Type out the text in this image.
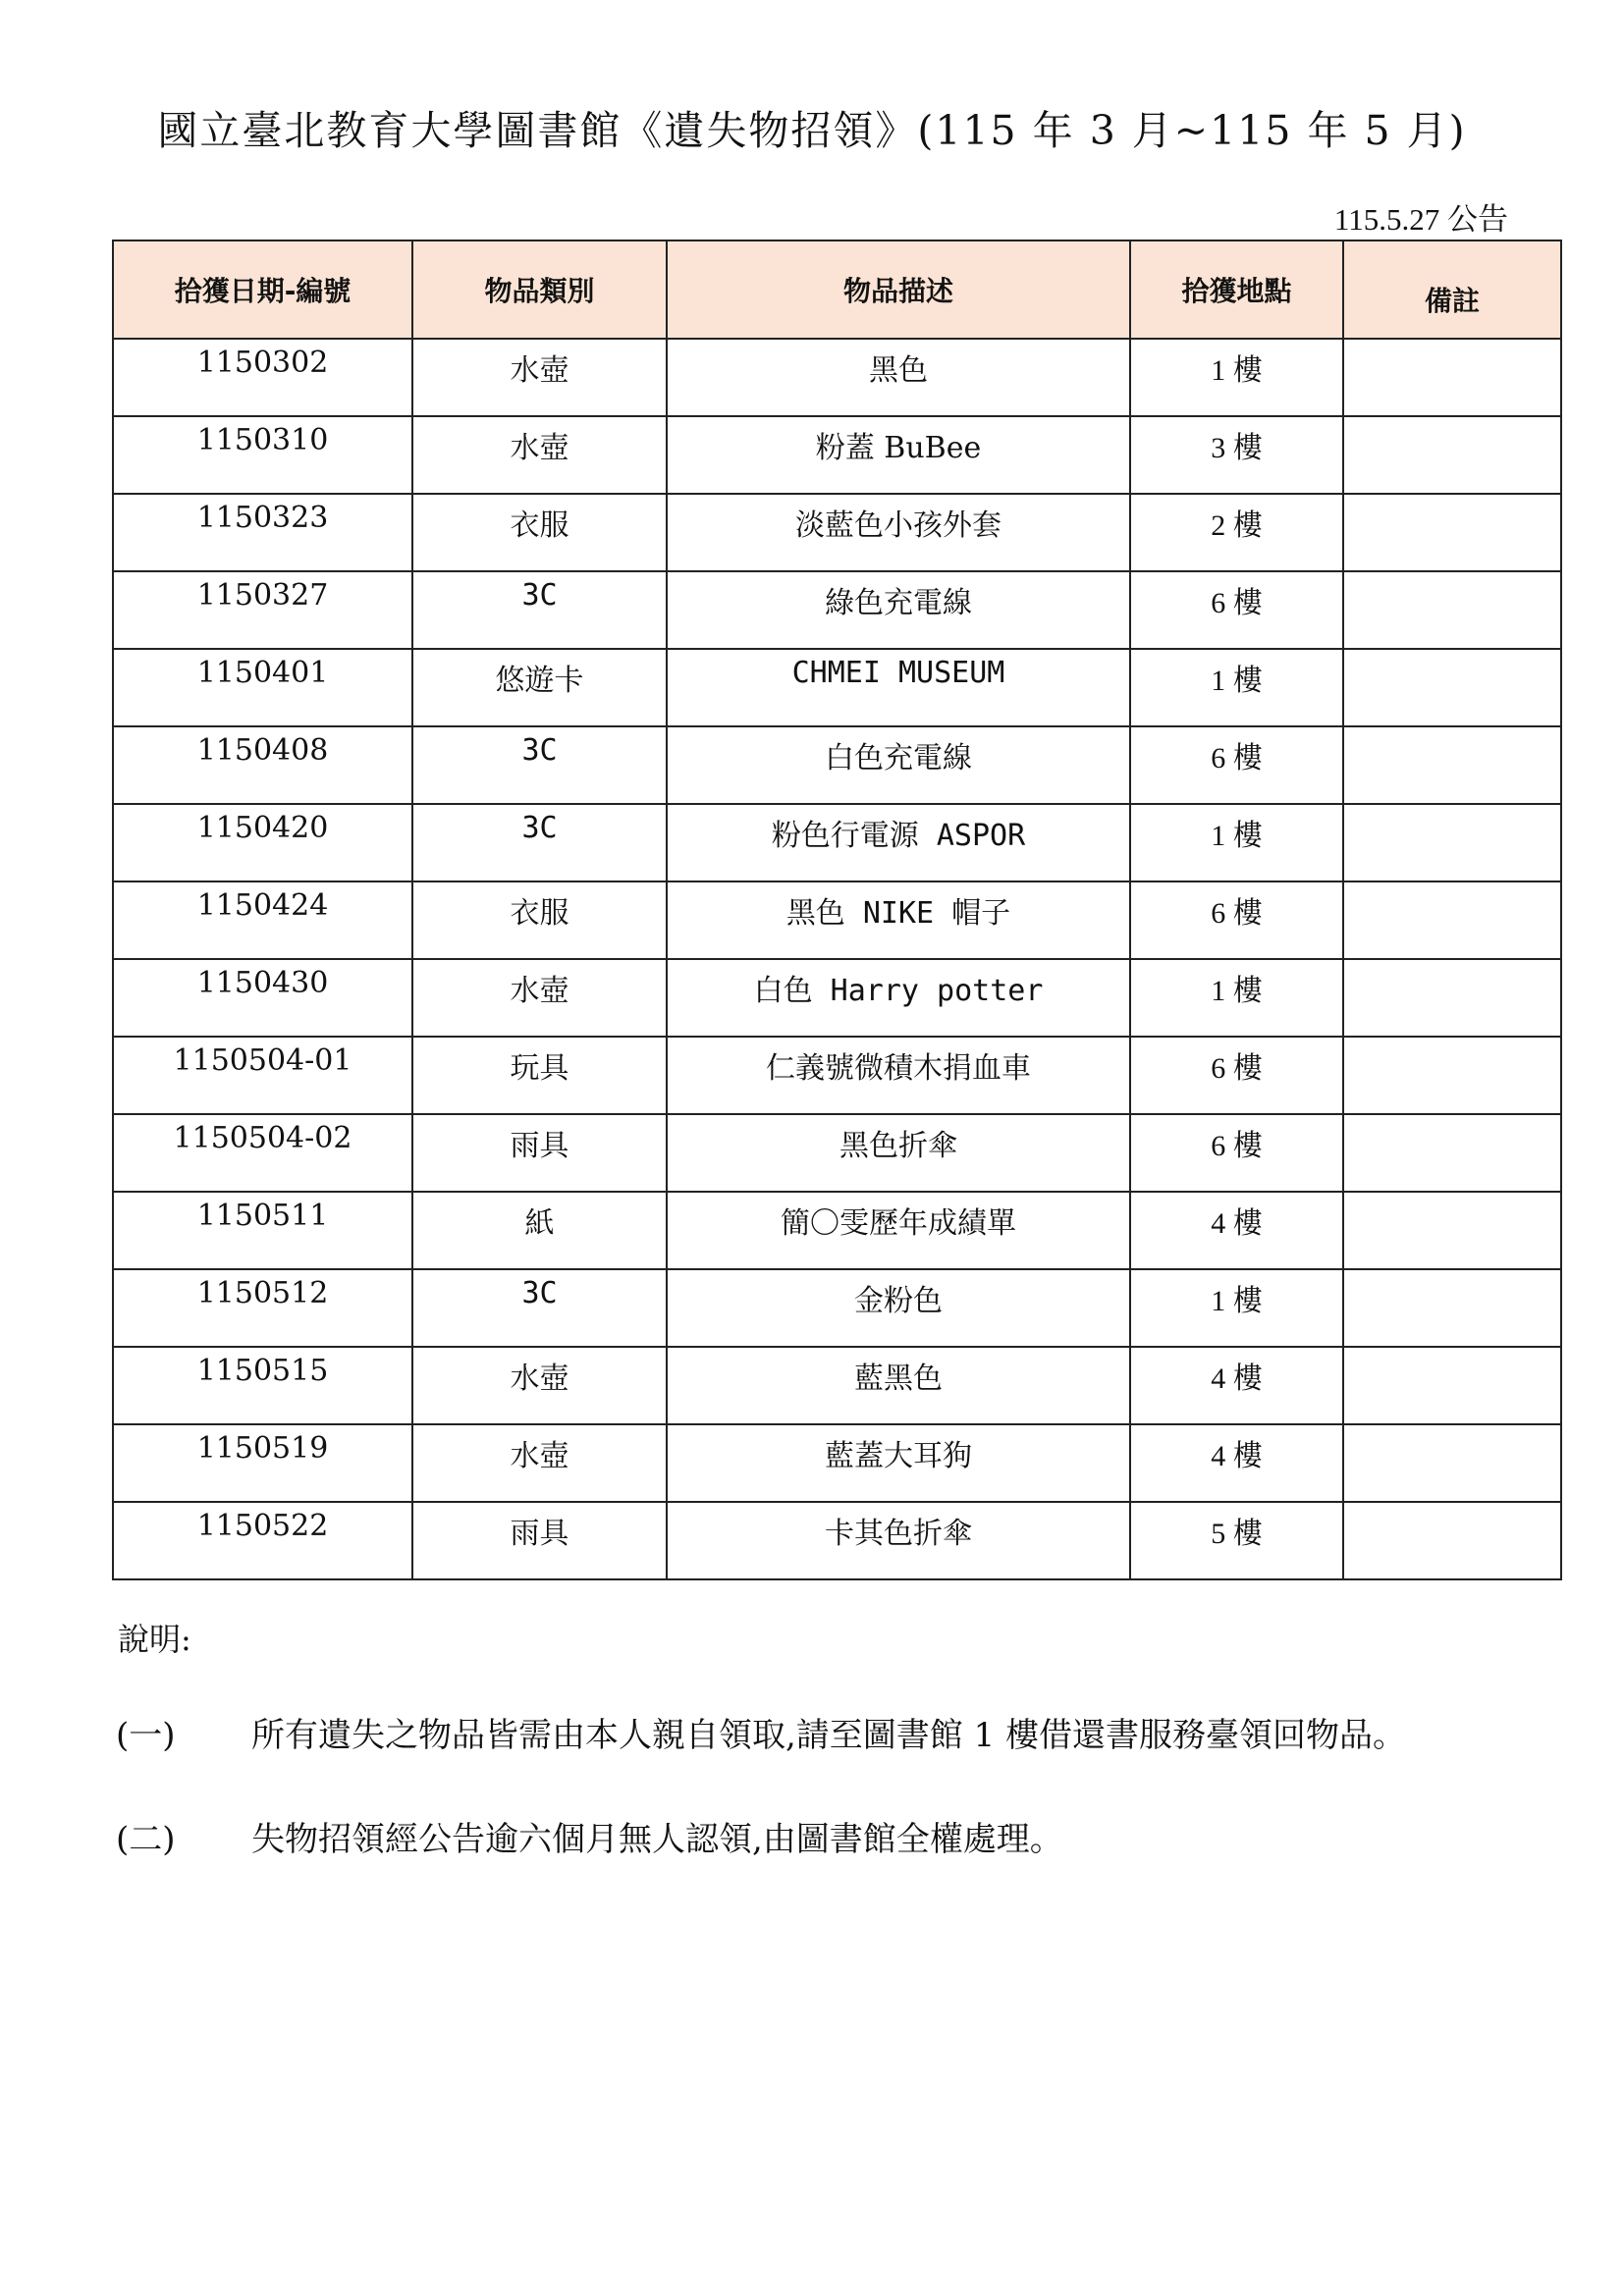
國立臺北教育大學圖書館《遺失物招領》(115 年 3 月~115 年 5 月)
115.5.27 公告
拾獲日期-編號	物品類別	物品描述	拾獲地點	備註
1150302	水壺	黑色	1 樓	
1150310	水壺	粉蓋 BuBee	3 樓	
1150323	衣服	淡藍色小孩外套	2 樓	
1150327	3C	綠色充電線	6 樓	
1150401	悠遊卡	CHMEI MUSEUM	1 樓	
1150408	3C	白色充電線	6 樓	
1150420	3C	粉色行電源 ASPOR	1 樓	
1150424	衣服	黑色 NIKE 帽子	6 樓	
1150430	水壺	白色 Harry potter	1 樓	
1150504-01	玩具	仁義號微積木捐血車	6 樓	
1150504-02	雨具	黑色折傘	6 樓	
1150511	紙	簡〇雯歷年成績單	4 樓	
1150512	3C	金粉色	1 樓	
1150515	水壺	藍黑色	4 樓	
1150519	水壺	藍蓋大耳狗	4 樓	
1150522	雨具	卡其色折傘	5 樓	
說明:
(一) 所有遺失之物品皆需由本人親自領取,請至圖書館 1 樓借還書服務臺領回物品。
(二) 失物招領經公告逾六個月無人認領,由圖書館全權處理。
